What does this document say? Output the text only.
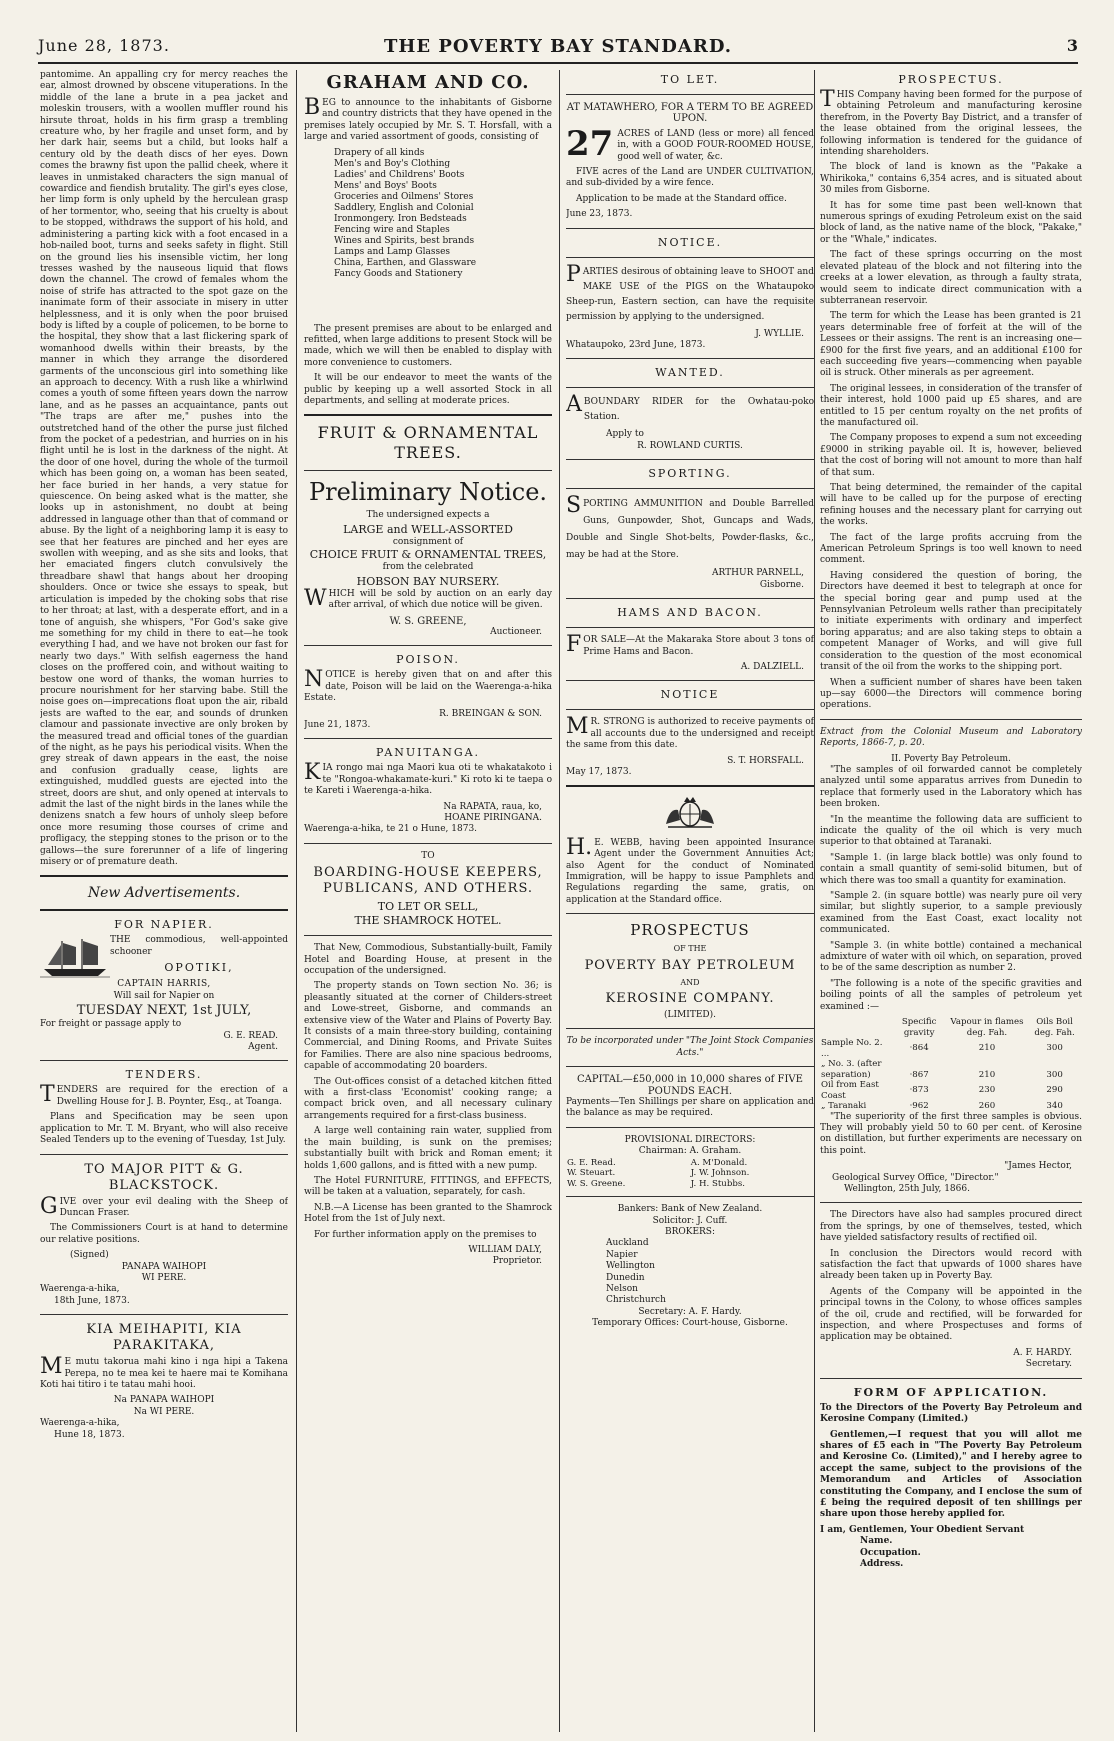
June 28, 1873.	THE POVERTY BAY STANDARD.	3

pantomime. An appalling cry for mercy reaches the ear, almost drowned by obscene vituperations. In the middle of the lane a brute in a pea jacket and moleskin trousers, with a woollen muffler round his hirsute throat, holds in his firm grasp a trembling creature who, by her fragile and unset form, and by her dark hair, seems but a child, but looks half a century old by the death discs of her eyes. Down comes the brawny fist upon the pallid cheek, where it leaves in unmistaked characters the sign manual of cowardice and fiendish brutality. The girl's eyes close, her limp form is only upheld by the herculean grasp of her tormentor, who, seeing that his cruelty is about to be stopped, withdraws the support of his hold, and administering a parting kick with a foot encased in a hob-nailed boot, turns and seeks safety in flight. Still on the ground lies his insensible victim, her long tresses washed by the nauseous liquid that flows down the channel. The crowd of females whom the noise of strife has attracted to the spot gaze on the inanimate form of their associate in misery in utter helplessness, and it is only when the poor bruised body is lifted by a couple of policemen, to be borne to the hospital, they show that a last flickering spark of womanhood dwells within their breasts, by the manner in which they arrange the disordered garments of the unconscious girl into something like an approach to decency. With a rush like a whirlwind comes a youth of some fifteen years down the narrow lane, and as he passes an acquaintance, pants out "The traps are after me," pushes into the outstretched hand of the other the purse just filched from the pocket of a pedestrian, and hurries on in his flight until he is lost in the darkness of the night. At the door of one hovel, during the whole of the turmoil which has been going on, a woman has been seated, her face buried in her hands, a very statue for quiescence. On being asked what is the matter, she looks up in astonishment, no doubt at being addressed in language other than that of command or abuse. By the light of a neighboring lamp it is easy to see that her features are pinched and her eyes are swollen with weeping, and as she sits and looks, that her emaciated fingers clutch convulsively the threadbare shawl that hangs about her drooping shoulders. Once or twice she essays to speak, but articulation is impeded by the choking sobs that rise to her throat; at last, with a desperate effort, and in a tone of anguish, she whispers, "For God's sake give me something for my child in there to eat—he took everything I had, and we have not broken our fast for nearly two days." With selfish eagerness the hand closes on the proffered coin, and without waiting to bestow one word of thanks, the woman hurries to procure nourishment for her starving babe. Still the noise goes on—imprecations float upon the air, ribald jests are wafted to the ear, and sounds of drunken clamour and passionate invective are only broken by the measured tread and official tones of the guardian of the night, as he pays his periodical visits. When the grey streak of dawn appears in the east, the noise and confusion gradually cease, lights are extinguished, muddled guests are ejected into the street, doors are shut, and only opened at intervals to admit the last of the night birds in the lanes while the denizens snatch a few hours of unholy sleep before once more resuming those courses of crime and profligacy, the stepping stones to the prison or to the gallows—the sure forerunner of a life of lingering misery or of premature death.

New Advertisements.
FOR NAPIER.

THE commodious, well-appointed schooner

OPOTIKI,
CAPTAIN HARRIS,
Will sail for Napier on
TUESDAY NEXT, 1st JULY,
For freight or passage apply to
G. E. READ.
Agent.
TENDERS.

TENDERS are required for the erection of a Dwelling House for J. B. Poynter, Esq., at Toanga.

Plans and Specification may be seen upon application to Mr. T. M. Bryant, who will also receive Sealed Tenders up to the evening of Tuesday, 1st July.

TO MAJOR PITT & G. BLACKSTOCK.

GIVE over your evil dealing with the Sheep of Duncan Fraser.

The Commissioners Court is at hand to determine our relative positions.

(Signed)
PANAPA WAIHOPI
WI PERE.
Waerenga-a-hika,
18th June, 1873.
KIA MEIHAPITI, KIA PARAKITAKA,

ME mutu takorua mahi kino i nga hipi a Takena Perepa, no te mea kei te haere mai te Komihana Koti hai titiro i te tatau mahi hooi.

Na PANAPA WAIHOPI
Na WI PERE.
Waerenga-a-hika,
Hune 18, 1873.
GRAHAM AND CO.

BEG to announce to the inhabitants of Gisborne and country districts that they have opened in the premises lately occupied by Mr. S. T. Horsfall, with a large and varied assortment of goods, consisting of

Drapery of all kinds
Men's and Boy's Clothing
Ladies' and Childrens' Boots
Mens' and Boys' Boots
Groceries and Oilmens' Stores
Saddlery, English and Colonial
Ironmongery. Iron Bedsteads
Fencing wire and Staples
Wines and Spirits, best brands
Lamps and Lamp Glasses
China, Earthen, and Glassware
Fancy Goods and Stationery

The present premises are about to be enlarged and refitted, when large additions to present Stock will be made, which we will then be enabled to display with more convenience to customers.

It will be our endeavor to meet the wants of the public by keeping up a well assorted Stock in all departments, and selling at moderate prices.

FRUIT & ORNAMENTAL TREES.
Preliminary Notice.
The undersigned expects a
LARGE and WELL-ASSORTED
consignment of
CHOICE FRUIT & ORNAMENTAL TREES,
from the celebrated
HOBSON BAY NURSERY.

WHICH will be sold by auction on an early day after arrival, of which due notice will be given.

W. S. GREENE,
Auctioneer.
POISON.

NOTICE is hereby given that on and after this date, Poison will be laid on the Waerenga-a-hika Estate.

R. BREINGAN & SON.
June 21, 1873.
PANUITANGA.

KIA rongo mai nga Maori kua oti te whakatakoto i te "Rongoa-whakamate-kuri." Ki roto ki te taepa o te Kareti i Waerenga-a-hika.

Na RAPATA, raua, ko,
HOANE PIRINGANA.
Waerenga-a-hika, te 21 o Hune, 1873.
TO
BOARDING-HOUSE KEEPERS, PUBLICANS, AND OTHERS.
TO LET OR SELL,
THE SHAMROCK HOTEL.

That New, Commodious, Substantially-built, Family Hotel and Boarding House, at present in the occupation of the undersigned.

The property stands on Town section No. 36; is pleasantly situated at the corner of Childers-street and Lowe-street, Gisborne, and commands an extensive view of the Water and Plains of Poverty Bay. It consists of a main three-story building, containing Commercial, and Dining Rooms, and Private Suites for Families. There are also nine spacious bedrooms, capable of accommodating 20 boarders.

The Out-offices consist of a detached kitchen fitted with a first-class 'Economist' cooking range; a compact brick oven, and all necessary culinary arrangements required for a first-class business.

A large well containing rain water, supplied from the main building, is sunk on the premises; substantially built with brick and Roman ement; it holds 1,600 gallons, and is fitted with a new pump.

The Hotel FURNITURE, FITTINGS, and EFFECTS, will be taken at a valuation, separately, for cash.

N.B.—A License has been granted to the Shamrock Hotel from the 1st of July next.

For further information apply on the premises to

WILLIAM DALY,
Proprietor.
TO LET.
AT MATAWHERO, FOR A TERM TO BE AGREED UPON.

27 ACRES of LAND (less or more) all fenced in, with a GOOD FOUR-ROOMED HOUSE, good well of water, &c.

FIVE acres of the Land are UNDER CULTIVATION, and sub-divided by a wire fence.

Application to be made at the Standard office.

June 23, 1873.
NOTICE.

PARTIES desirous of obtaining leave to SHOOT and MAKE USE of the PIGS on the Whataupoko Sheep-run, Eastern section, can have the requisite permission by applying to the undersigned.

J. WYLLIE.
Whataupoko, 23rd June, 1873.
WANTED.

ABOUNDARY RIDER for the Owhatau-poko Station.

Apply to
R. ROWLAND CURTIS.
SPORTING.

SPORTING AMMUNITION and Double Barrelled Guns, Gunpowder, Shot, Guncaps and Wads, Double and Single Shot-belts, Powder-flasks, &c., may be had at the Store.

ARTHUR PARNELL,
Gisborne.
HAMS AND BACON.

FOR SALE—At the Makaraka Store about 3 tons of Prime Hams and Bacon.

A. DALZIELL.
NOTICE

MR. STRONG is authorized to receive payments of all accounts due to the undersigned and receipt the same from this date.

S. T. HORSFALL.
May 17, 1873.

H.E. WEBB, having been appointed Insurance Agent under the Government Annuities Act; also Agent for the conduct of Nominated Immigration, will be happy to issue Pamphlets and Regulations regarding the same, gratis, on application at the Standard office.

PROSPECTUS
OF THE
POVERTY BAY PETROLEUM
AND
KEROSINE COMPANY.
(LIMITED).
To be incorporated under "The Joint Stock Companies Acts."
CAPITAL—£50,000 in 10,000 shares of FIVE POUNDS EACH.

Payments—Ten Shillings per share on application and the balance as may be required.

PROVISIONAL DIRECTORS:
Chairman: A. Graham.
G. E. Read.	A. M'Donald.
W. Steuart.	J. W. Johnson.
W. S. Greene.	J. H. Stubbs.
Bankers: Bank of New Zealand.
Solicitor: J. Cuff.
BROKERS:
Auckland
Napier
Wellington
Dunedin
Nelson
Christchurch
Secretary: A. F. Hardy.
Temporary Offices: Court-house, Gisborne.
PROSPECTUS.

THIS Company having been formed for the purpose of obtaining Petroleum and manufacturing kerosine therefrom, in the Poverty Bay District, and a transfer of the lease obtained from the original lessees, the following information is tendered for the guidance of intending shareholders.

The block of land is known as the "Pakake a Whirikoka," contains 6,354 acres, and is situated about 30 miles from Gisborne.

It has for some time past been well-known that numerous springs of exuding Petroleum exist on the said block of land, as the native name of the block, "Pakake," or the "Whale," indicates.

The fact of these springs occurring on the most elevated plateau of the block and not filtering into the creeks at a lower elevation, as through a faulty strata, would seem to indicate direct communication with a subterranean reservoir.

The term for which the Lease has been granted is 21 years determinable free of forfeit at the will of the Lessees or their assigns. The rent is an increasing one—£900 for the first five years, and an additional £100 for each succeeding five years—commencing when payable oil is struck. Other minerals as per agreement.

The original lessees, in consideration of the transfer of their interest, hold 1000 paid up £5 shares, and are entitled to 15 per centum royalty on the net profits of the manufactured oil.

The Company proposes to expend a sum not exceeding £9000 in striking payable oil. It is, however, believed that the cost of boring will not amount to more than half of that sum.

That being determined, the remainder of the capital will have to be called up for the purpose of erecting refining houses and the necessary plant for carrying out the works.

The fact of the large profits accruing from the American Petroleum Springs is too well known to need comment.

Having considered the question of boring, the Directors have deemed it best to telegraph at once for the special boring gear and pump used at the Pennsylvanian Petroleum wells rather than precipitately to initiate experiments with ordinary and imperfect boring apparatus; and are also taking steps to obtain a competent Manager of Works, and will give full consideration to the question of the most economical transit of the oil from the works to the shipping port.

When a sufficient number of shares have been taken up—say 6000—the Directors will commence boring operations.

Extract from the Colonial Museum and Laboratory Reports, 1866-7, p. 20.

II. Poverty Bay Petroleum.

"The samples of oil forwarded cannot be completely analyzed until some apparatus arrives from Dunedin to replace that formerly used in the Laboratory which has been broken.

"In the meantime the following data are sufficient to indicate the quality of the oil which is very much superior to that obtained at Taranaki.

"Sample 1. (in large black bottle) was only found to contain a small quantity of semi-solid bitumen, but of which there was too small a quantity for examination.

"Sample 2. (in square bottle) was nearly pure oil very similar, but slightly superior, to a sample previously examined from the East Coast, exact locality not communicated.

"Sample 3. (in white bottle) contained a mechanical admixture of water with oil which, on separation, proved to be of the same description as number 2.

"The following is a note of the specific gravities and boiling points of all the samples of petroleum yet examined :—

	Specific gravity	Vapour in flames deg. Fah.	Oils Boil deg. Fah.
Sample No. 2. ...	·864	210	300
„ No. 3. (after			
separation)	·867	210	300
Oil from East Coast	·873	230	290
„ Taranaki	·962	260	340

"The superiority of the first three samples is obvious. They will probably yield 50 to 60 per cent. of Kerosine on distillation, but further experiments are necessary on this point.

"James Hector,
Geological Survey Office, "Director."
Wellington, 25th July, 1866.

The Directors have also had samples procured direct from the springs, by one of themselves, tested, which have yielded satisfactory results of rectified oil.

In conclusion the Directors would record with satisfaction the fact that upwards of 1000 shares have already been taken up in Poverty Bay.

Agents of the Company will be appointed in the principal towns in the Colony, to whose offices samples of the oil, crude and rectified, will be forwarded for inspection, and where Prospectuses and forms of application may be obtained.

A. F. HARDY.
Secretary.
FORM OF APPLICATION.

To the Directors of the Poverty Bay Petroleum and Kerosine Company (Limited.)

Gentlemen,—I request that you will allot me shares of £5 each in "The Poverty Bay Petroleum and Kerosine Co. (Limited)," and I hereby agree to accept the same, subject to the provisions of the Memorandum and Articles of Association constituting the Company, and I enclose the sum of £ being the required deposit of ten shillings per share upon those hereby applied for.

I am, Gentlemen, Your Obedient Servant
Name.
Occupation.
Address.
